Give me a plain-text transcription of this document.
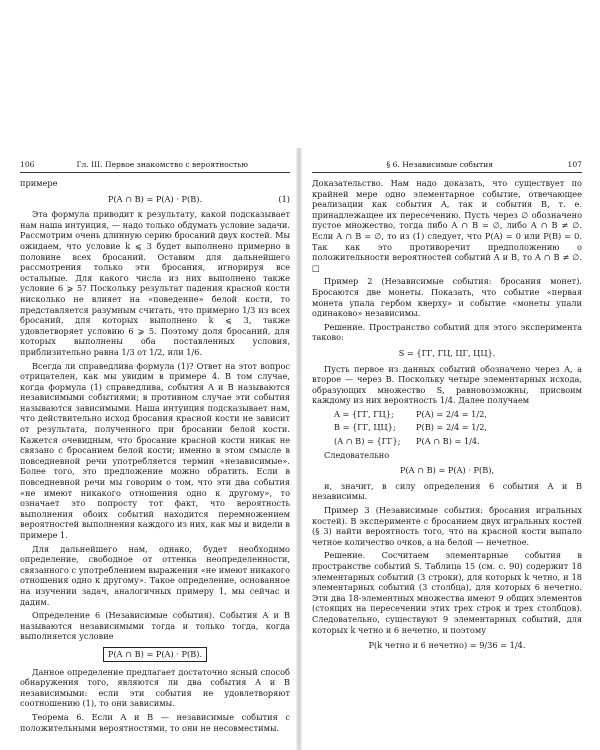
106	Гл. III. Первое знакомство с вероятностью

примере

P(A ∩ B) = P(A) · P(B).	(1)

Эта формула приводит к результату, какой подсказывает нам наша интуиция, — надо только обдумать условие задачи. Рассмотрим очень длинную серию бросаний двух костей. Мы ожидаем, что условие k ⩽ 3 будет выполнено примерно в половине всех бросаний. Оставим для дальнейшего рассмотрения только эти бросания, игнорируя все остальные. Для какого числа из них выполнено также условие 6 ⩾ 5? Поскольку результат падения красной кости нисколько не влияет на «поведение» белой кости, то представляется разумным считать, что примерно 1/3 из всех бросаний, для которых выполнено k ⩽ 3, также удовлетворяет условию 6 ⩾ 5. Поэтому доля бросаний, для которых выполнены оба поставленных условия, приблизительно равна 1/3 от 1/2, или 1/6.

Всегда ли справедлива формула (1)? Ответ на этот вопрос отрицателен, как мы увидим в примере 4. В том случае, когда формула (1) справедлива, события A и B называются независимыми событиями; в противном случае эти события называются зависимыми. Наша интуиция подсказывает нам, что действительно исход бросания красной кости не зависит от результата, полученного при бросании белой кости. Кажется очевидным, что бросание красной кости никак не связано с бросанием белой кости; именно в этом смысле в повседневной речи употребляется термин «независимые». Более того, это предложение можно обратить. Если в повседневной речи мы говорим о том, что эти два события «не имеют никакого отношения одно к другому», то означает это попросту тот факт, что вероятность выполнения обоих событий находится перемножением вероятностей выполнения каждого из них, как мы и видели в примере 1.

Для дальнейшего нам, однако, будет необходимо определение, свободное от оттенка неопределенности, связанного с употреблением выражения «не имеют никакого отношения одно к другому». Такое определение, основанное на изучении задач, аналогичных примеру 1, мы сейчас и дадим.

Определение 6 (Независимые события). События A и B называются независимыми тогда и только тогда, когда выполняется условие

P(A ∩ B) = P(A) · P(B).

Данное определение предлагает достаточно ясный способ обнаружения того, являются ли два события A и B независимыми: если эти события не удовлетворяют соотношению (1), то они зависимы.

Теорема 6. Если A и B — независимые события с положительными вероятностями, то они не несовместимы.

§ 6. Независимые события	107

Доказательство. Нам надо доказать, что существует по крайней мере одно элементарное событие, отвечающее реализации как события A, так и события B, т. е. принадлежащее их пересечению. Пусть через ∅ обозначено пустое множество, тогда либо A ∩ B = ∅, либо A ∩ B ≠ ∅. Если A ∩ B = ∅, то из (1) следует, что P(A) = 0 или P(B) = 0. Так как это противоречит предположению о положительности вероятностей событий A и B, то A ∩ B ≠ ∅. □

Пример 2 (Независимые события: бросания монет). Бросаются две монеты. Показать, что событие «первая монета упала гербом кверху» и событие «монеты упали одинаково» независимы.

Решение. Пространство событий для этого эксперимента таково:

S = {ГГ, ГЦ, ЦГ, ЦЦ}.

Пусть первое из данных событий обозначено через A, а второе — через B. Поскольку четыре элементарных исхода, образующих множество S, равновозможны, присвоим каждому из них вероятность 1/4. Далее получаем

A = {ГГ, ГЦ};	P(A) = 2/4 = 1/2,
B = {ГГ, ЦЦ};	P(B) = 2/4 = 1/2,
(A ∩ B) = {ГГ};	P(A ∩ B) = 1/4.

Следовательно

P(A ∩ B) = P(A) · P(B),

и, значит, в силу определения 6 события A и B независимы.

Пример 3 (Независимые события: бросания игральных костей). В эксперименте с бросанием двух игральных костей (§ 3) найти вероятность того, что на красной кости выпало четное количество очков, а на белой — нечетное.

Решение. Сосчитаем элементарные события в пространстве событий S. Таблица 15 (см. с. 90) содержит 18 элементарных событий (3 строки), для которых k четно, и 18 элементарных событий (3 столбца), для которых 6 нечетно. Эти два 18-элементных множества имеют 9 общих элементов (стоящих на пересечении этих трех строк и трех столбцов). Следовательно, существуют 9 элементарных событий, для которых k четно и 6 нечетно, и поэтому

P(k четно и 6 нечетно) = 9/36 = 1/4.
